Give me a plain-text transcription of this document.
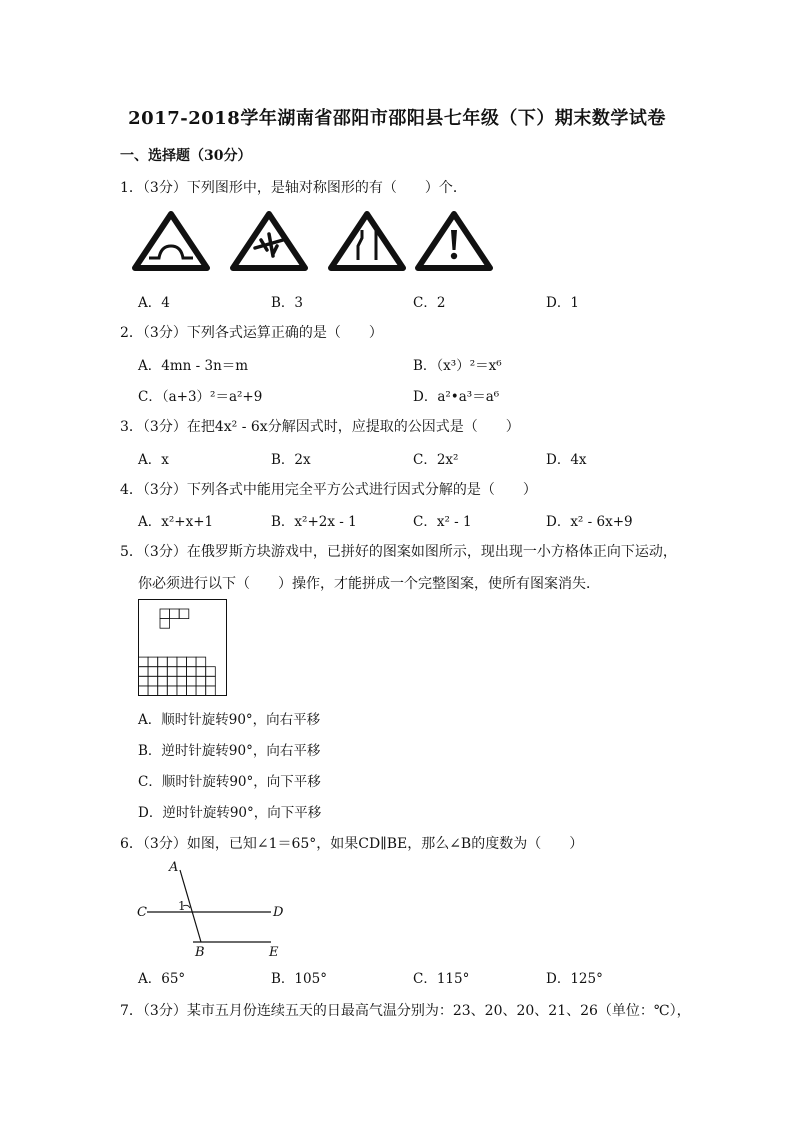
2017-2018学年湖南省邵阳市邵阳县七年级（下）期末数学试卷
一、选择题（30分）
1．（3分）下列图形中，是轴对称图形的有（　　）个．
A．4	B．3	C．2	D．1
2．（3分）下列各式运算正确的是（　　）
A．4mn - 3n＝m	B．（x³）²＝x⁶
C．（a+3）²＝a²+9	D．a²•a³＝a⁶
3．（3分）在把4x² - 6x分解因式时，应提取的公因式是（　　）
A．x	B．2x	C．2x²	D．4x
4．（3分）下列各式中能用完全平方公式进行因式分解的是（　　）
A．x²+x+1	B．x²+2x - 1	C．x² - 1	D．x² - 6x+9
5．（3分）在俄罗斯方块游戏中，已拼好的图案如图所示，现出现一小方格体正向下运动，
你必须进行以下（　　）操作，才能拼成一个完整图案，使所有图案消失．
A．顺时针旋转90°，向右平移
B．逆时针旋转90°，向右平移
C．顺时针旋转90°，向下平移
D．逆时针旋转90°，向下平移
6．（3分）如图，已知∠1＝65°，如果CD∥BE，那么∠B的度数为（　　）
A
C	1	D
B	E
A．65°	B．105°	C．115°	D．125°
7．（3分）某市五月份连续五天的日最高气温分别为：23、20、20、21、26（单位：℃），
